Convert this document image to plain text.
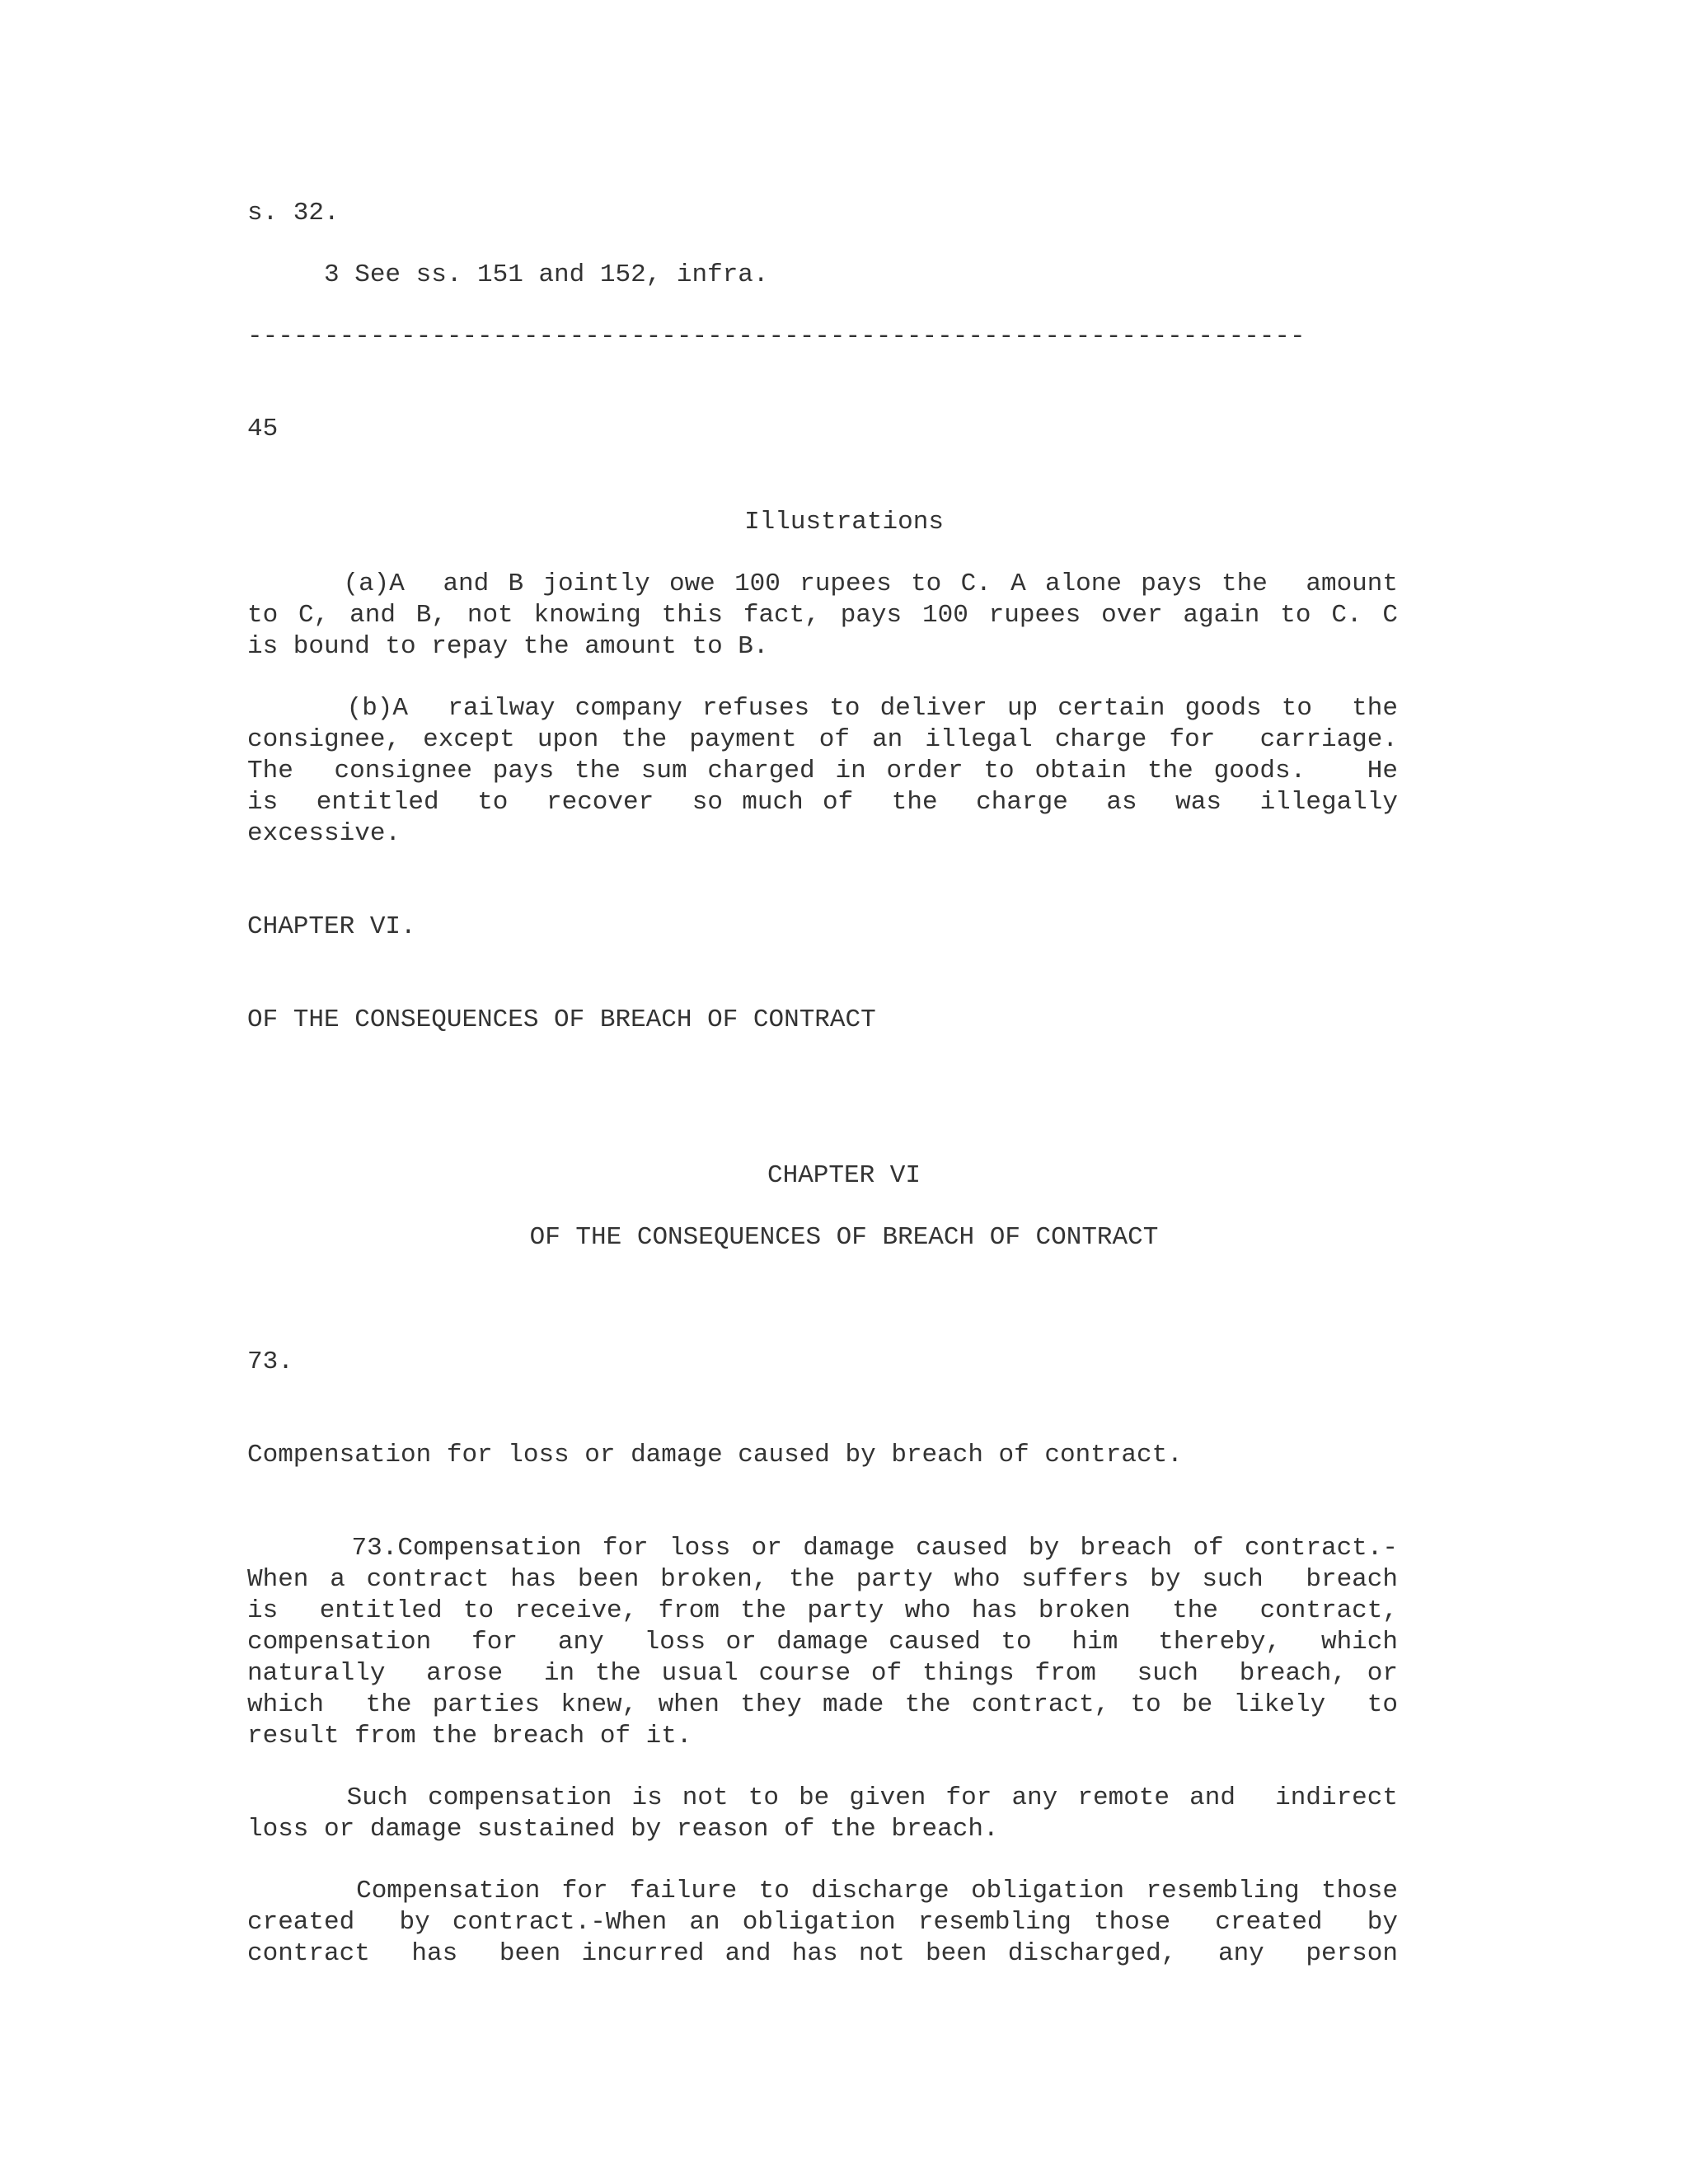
s. 32.

3 See ss. 151 and 152, infra.

---------------------------------------------------------------------

45

Illustrations

(a)A  and B jointly owe 100 rupees to C. A alone pays the  amount

to C, and B, not knowing this fact, pays 100 rupees over again to C. C

is bound to repay the amount to B.

(b)A  railway company refuses to deliver up certain goods to  the

consignee, except upon the payment of an illegal charge for  carriage.

The  consignee pays the sum charged in order to obtain the goods.   He

is  entitled  to  recover  so much of  the  charge  as  was  illegally

excessive.

CHAPTER VI.

OF THE CONSEQUENCES OF BREACH OF CONTRACT

CHAPTER VI

OF THE CONSEQUENCES OF BREACH OF CONTRACT

73.

Compensation for loss or damage caused by breach of contract.

73.Compensation for loss or damage caused by breach of contract.-

When a contract has been broken, the party who suffers by such  breach

is  entitled to receive, from the party who has broken  the  contract,

compensation  for  any  loss or damage caused to  him  thereby,  which

naturally  arose  in the usual course of things from  such  breach, or

which  the parties knew, when they made the contract, to be likely  to

result from the breach of it.

Such compensation is not to be given for any remote and  indirect

loss or damage sustained by reason of the breach.

Compensation for failure to discharge obligation resembling those

created  by contract.-When an obligation resembling those  created  by

contract  has  been incurred and has not been discharged,  any  person
